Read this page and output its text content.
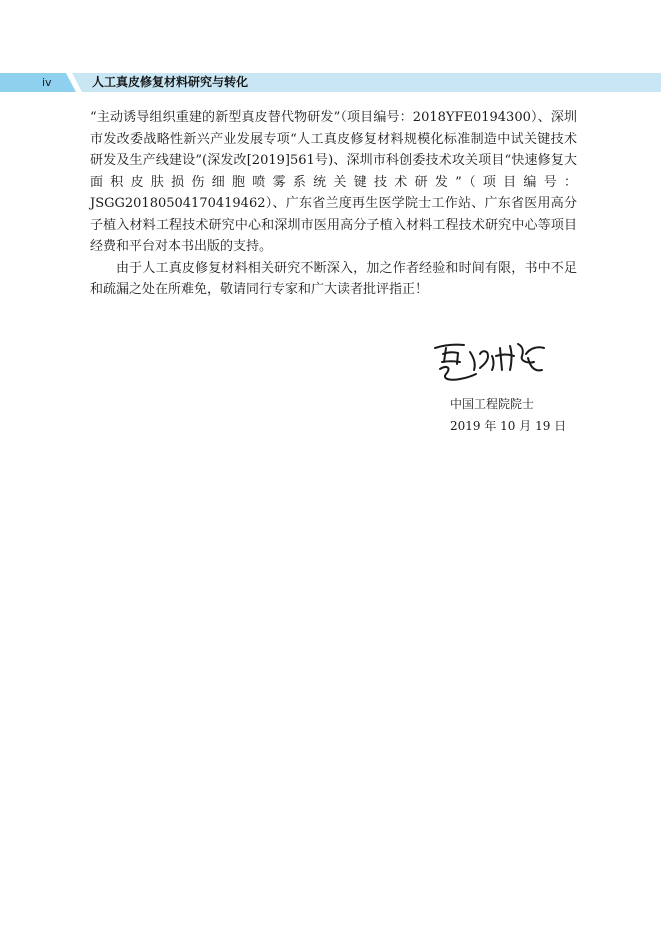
iv	人工真皮修复材料研究与转化

“主动诱导组织重建的新型真皮替代物研发”（项目编号：2018YFE0194300）、深圳市发改委战略性新兴产业发展专项“人工真皮修复材料规模化标准制造中试关键技术研发及生产线建设”(深发改[2019]561号)、深圳市科创委技术攻关项目“快速修复大面积皮肤损伤细胞喷雾系统关键技术研发”（项目编号：JSGG20180504170419462）、广东省兰度再生医学院士工作站、广东省医用高分子植入材料工程技术研究中心和深圳市医用高分子植入材料工程技术研究中心等项目经费和平台对本书出版的支持。

由于人工真皮修复材料相关研究不断深入，加之作者经验和时间有限，书中不足和疏漏之处在所难免，敬请同行专家和广大读者批评指正！

中国工程院院士
2019 年 10 月 19 日
